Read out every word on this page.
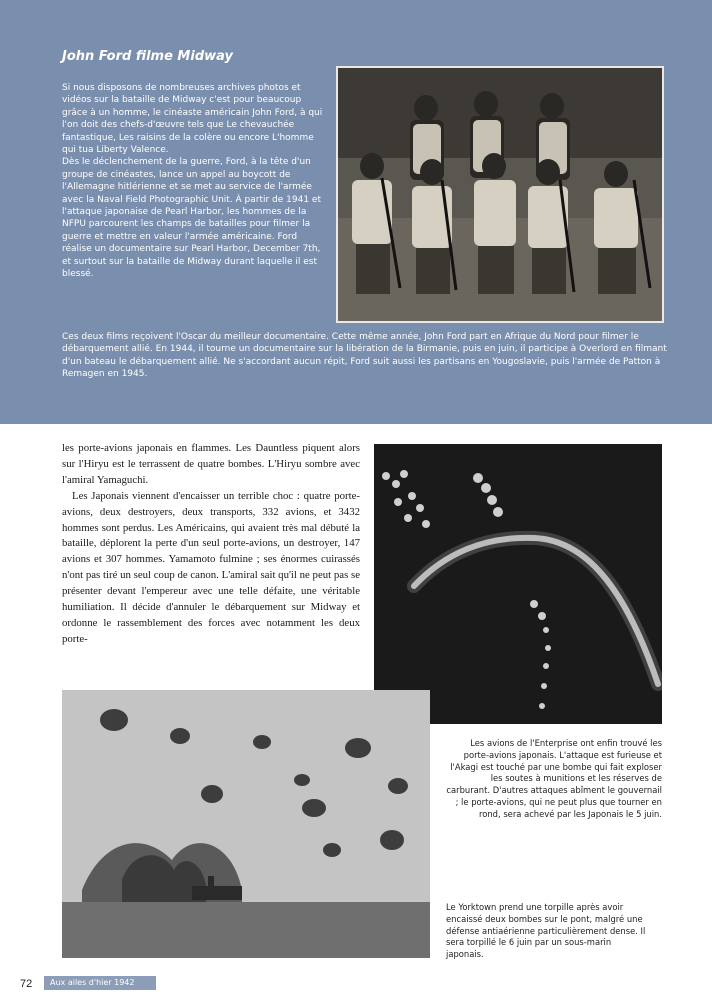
John Ford filme Midway

Si nous disposons de nombreuses archives photos et vidéos sur la bataille de Midway c'est pour beaucoup grâce à un homme, le cinéaste américain John Ford, à qui l'on doit des chefs-d'œuvre tels que Le chevauchée fantastique, Les raisins de la colère ou encore L'homme qui tua Liberty Valence.

Dès le déclenchement de la guerre, Ford, à la tête d'un groupe de cinéastes, lance un appel au boycott de l'Allemagne hitlérienne et se met au service de l'armée avec la Naval Field Photographic Unit. À partir de 1941 et l'attaque japonaise de Pearl Harbor, les hommes de la NFPU parcourent les champs de batailles pour filmer la guerre et mettre en valeur l'armée américaine. Ford réalise un documentaire sur Pearl Harbor, December 7th, et surtout sur la bataille de Midway durant laquelle il est blessé.

Ces deux films reçoivent l'Oscar du meilleur documentaire. Cette même année, John Ford part en Afrique du Nord pour filmer le débarquement allié. En 1944, il tourne un documentaire sur la libération de la Birmanie, puis en juin, il participe à Overlord en filmant d'un bateau le débarquement allié. Ne s'accordant aucun répit, Ford suit aussi les partisans en Yougoslavie, puis l'armée de Patton à Remagen en 1945.

les porte-avions japonais en flammes. Les Dauntless piquent alors sur l'Hiryu est le terrassent de quatre bombes. L'Hiryu sombre avec l'amiral Yamaguchi.

Les Japonais viennent d'encaisser un terrible choc : quatre porte-avions, deux destroyers, deux transports, 332 avions, et 3432 hommes sont perdus. Les Américains, qui avaient très mal débuté la bataille, déplorent la perte d'un seul porte-avions, un destroyer, 147 avions et 307 hommes. Yamamoto fulmine ; ses énormes cuirassés n'ont pas tiré un seul coup de canon. L'amiral sait qu'il ne peut pas se présenter devant l'empereur avec une telle défaite, une véritable humiliation. Il décide d'annuler le débarquement sur Midway et ordonne le rassemblement des forces avec notamment les deux porte-

Les avions de l'Enterprise ont enfin trouvé les porte-avions japonais. L'attaque est furieuse et l'Akagi est touché par une bombe qui fait exploser les soutes à munitions et les réserves de carburant. D'autres attaques abîment le gouvernail ; le porte-avions, qui ne peut plus que tourner en rond, sera achevé par les Japonais le 5 juin.
Le Yorktown prend une torpille après avoir encaissé deux bombes sur le pont, malgré une défense antiaérienne particulièrement dense. Il sera torpillé le 6 juin par un sous-marin japonais.
72 Aux ailes d'hier 1942
